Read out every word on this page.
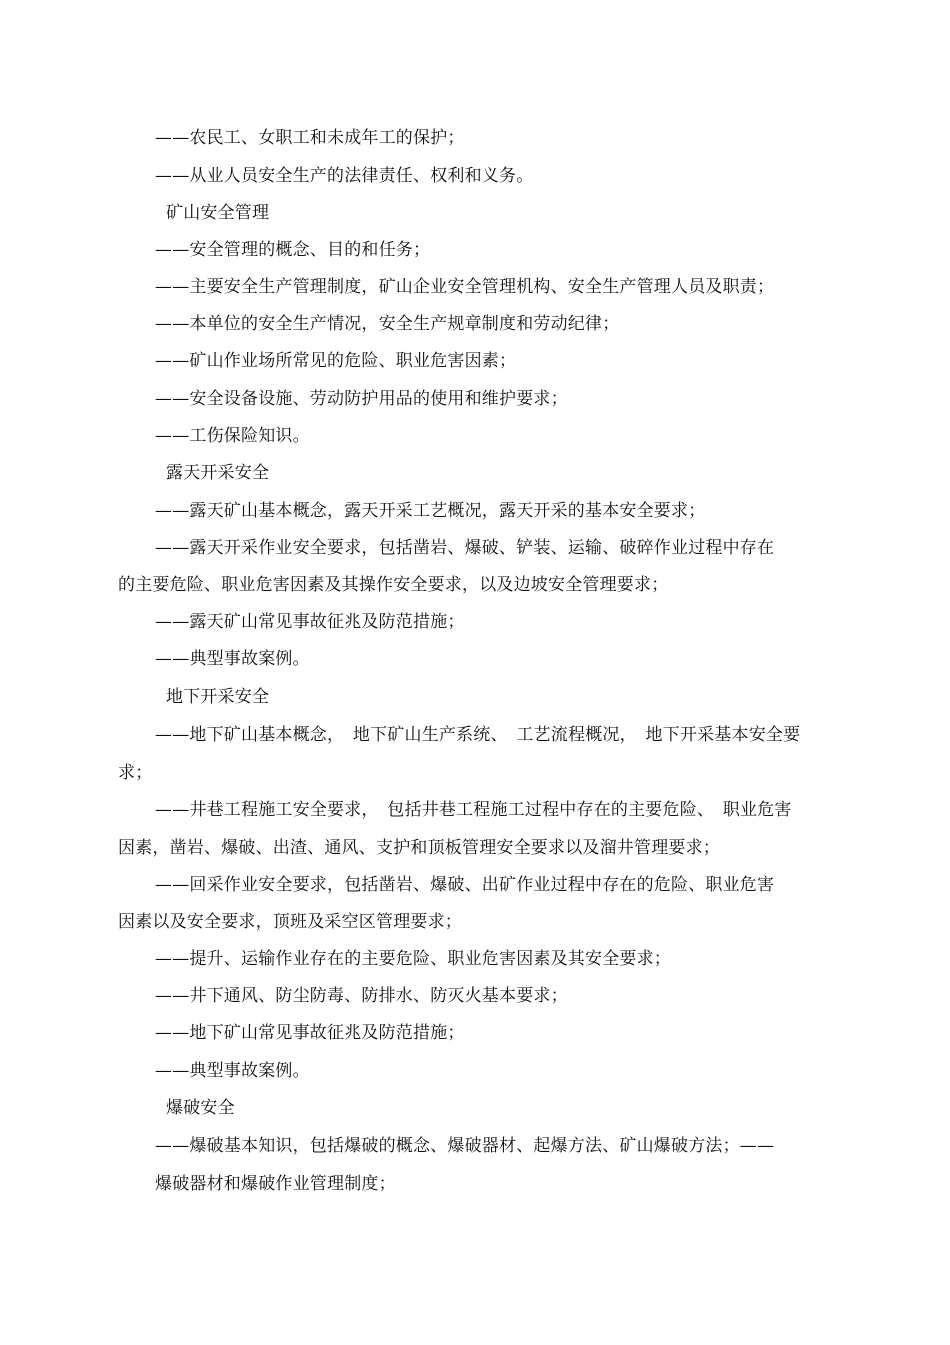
——农民工、女职工和未成年工的保护；
——从业人员安全生产的法律责任、权利和义务。
矿山安全管理
——安全管理的概念、目的和任务；
——主要安全生产管理制度，矿山企业安全管理机构、安全生产管理人员及职责；
——本单位的安全生产情况，安全生产规章制度和劳动纪律；
——矿山作业场所常见的危险、职业危害因素；
——安全设备设施、劳动防护用品的使用和维护要求；
——工伤保险知识。
露天开采安全
——露天矿山基本概念，露天开采工艺概况，露天开采的基本安全要求；
——露天开采作业安全要求，包括凿岩、爆破、铲装、运输、破碎作业过程中存在
的主要危险、职业危害因素及其操作安全要求，以及边坡安全管理要求；
——露天矿山常见事故征兆及防范措施；
——典型事故案例。
地下开采安全
——地下矿山基本概念，　地下矿山生产系统、　工艺流程概况，　地下开采基本安全要
求；
——井巷工程施工安全要求，　包括井巷工程施工过程中存在的主要危险、　职业危害
因素，凿岩、爆破、出渣、通风、支护和顶板管理安全要求以及溜井管理要求；
——回采作业安全要求，包括凿岩、爆破、出矿作业过程中存在的危险、职业危害
因素以及安全要求，顶班及采空区管理要求；
——提升、运输作业存在的主要危险、职业危害因素及其安全要求；
——井下通风、防尘防毒、防排水、防灭火基本要求；
——地下矿山常见事故征兆及防范措施；
——典型事故案例。
爆破安全
——爆破基本知识，包括爆破的概念、爆破器材、起爆方法、矿山爆破方法；——
爆破器材和爆破作业管理制度；
